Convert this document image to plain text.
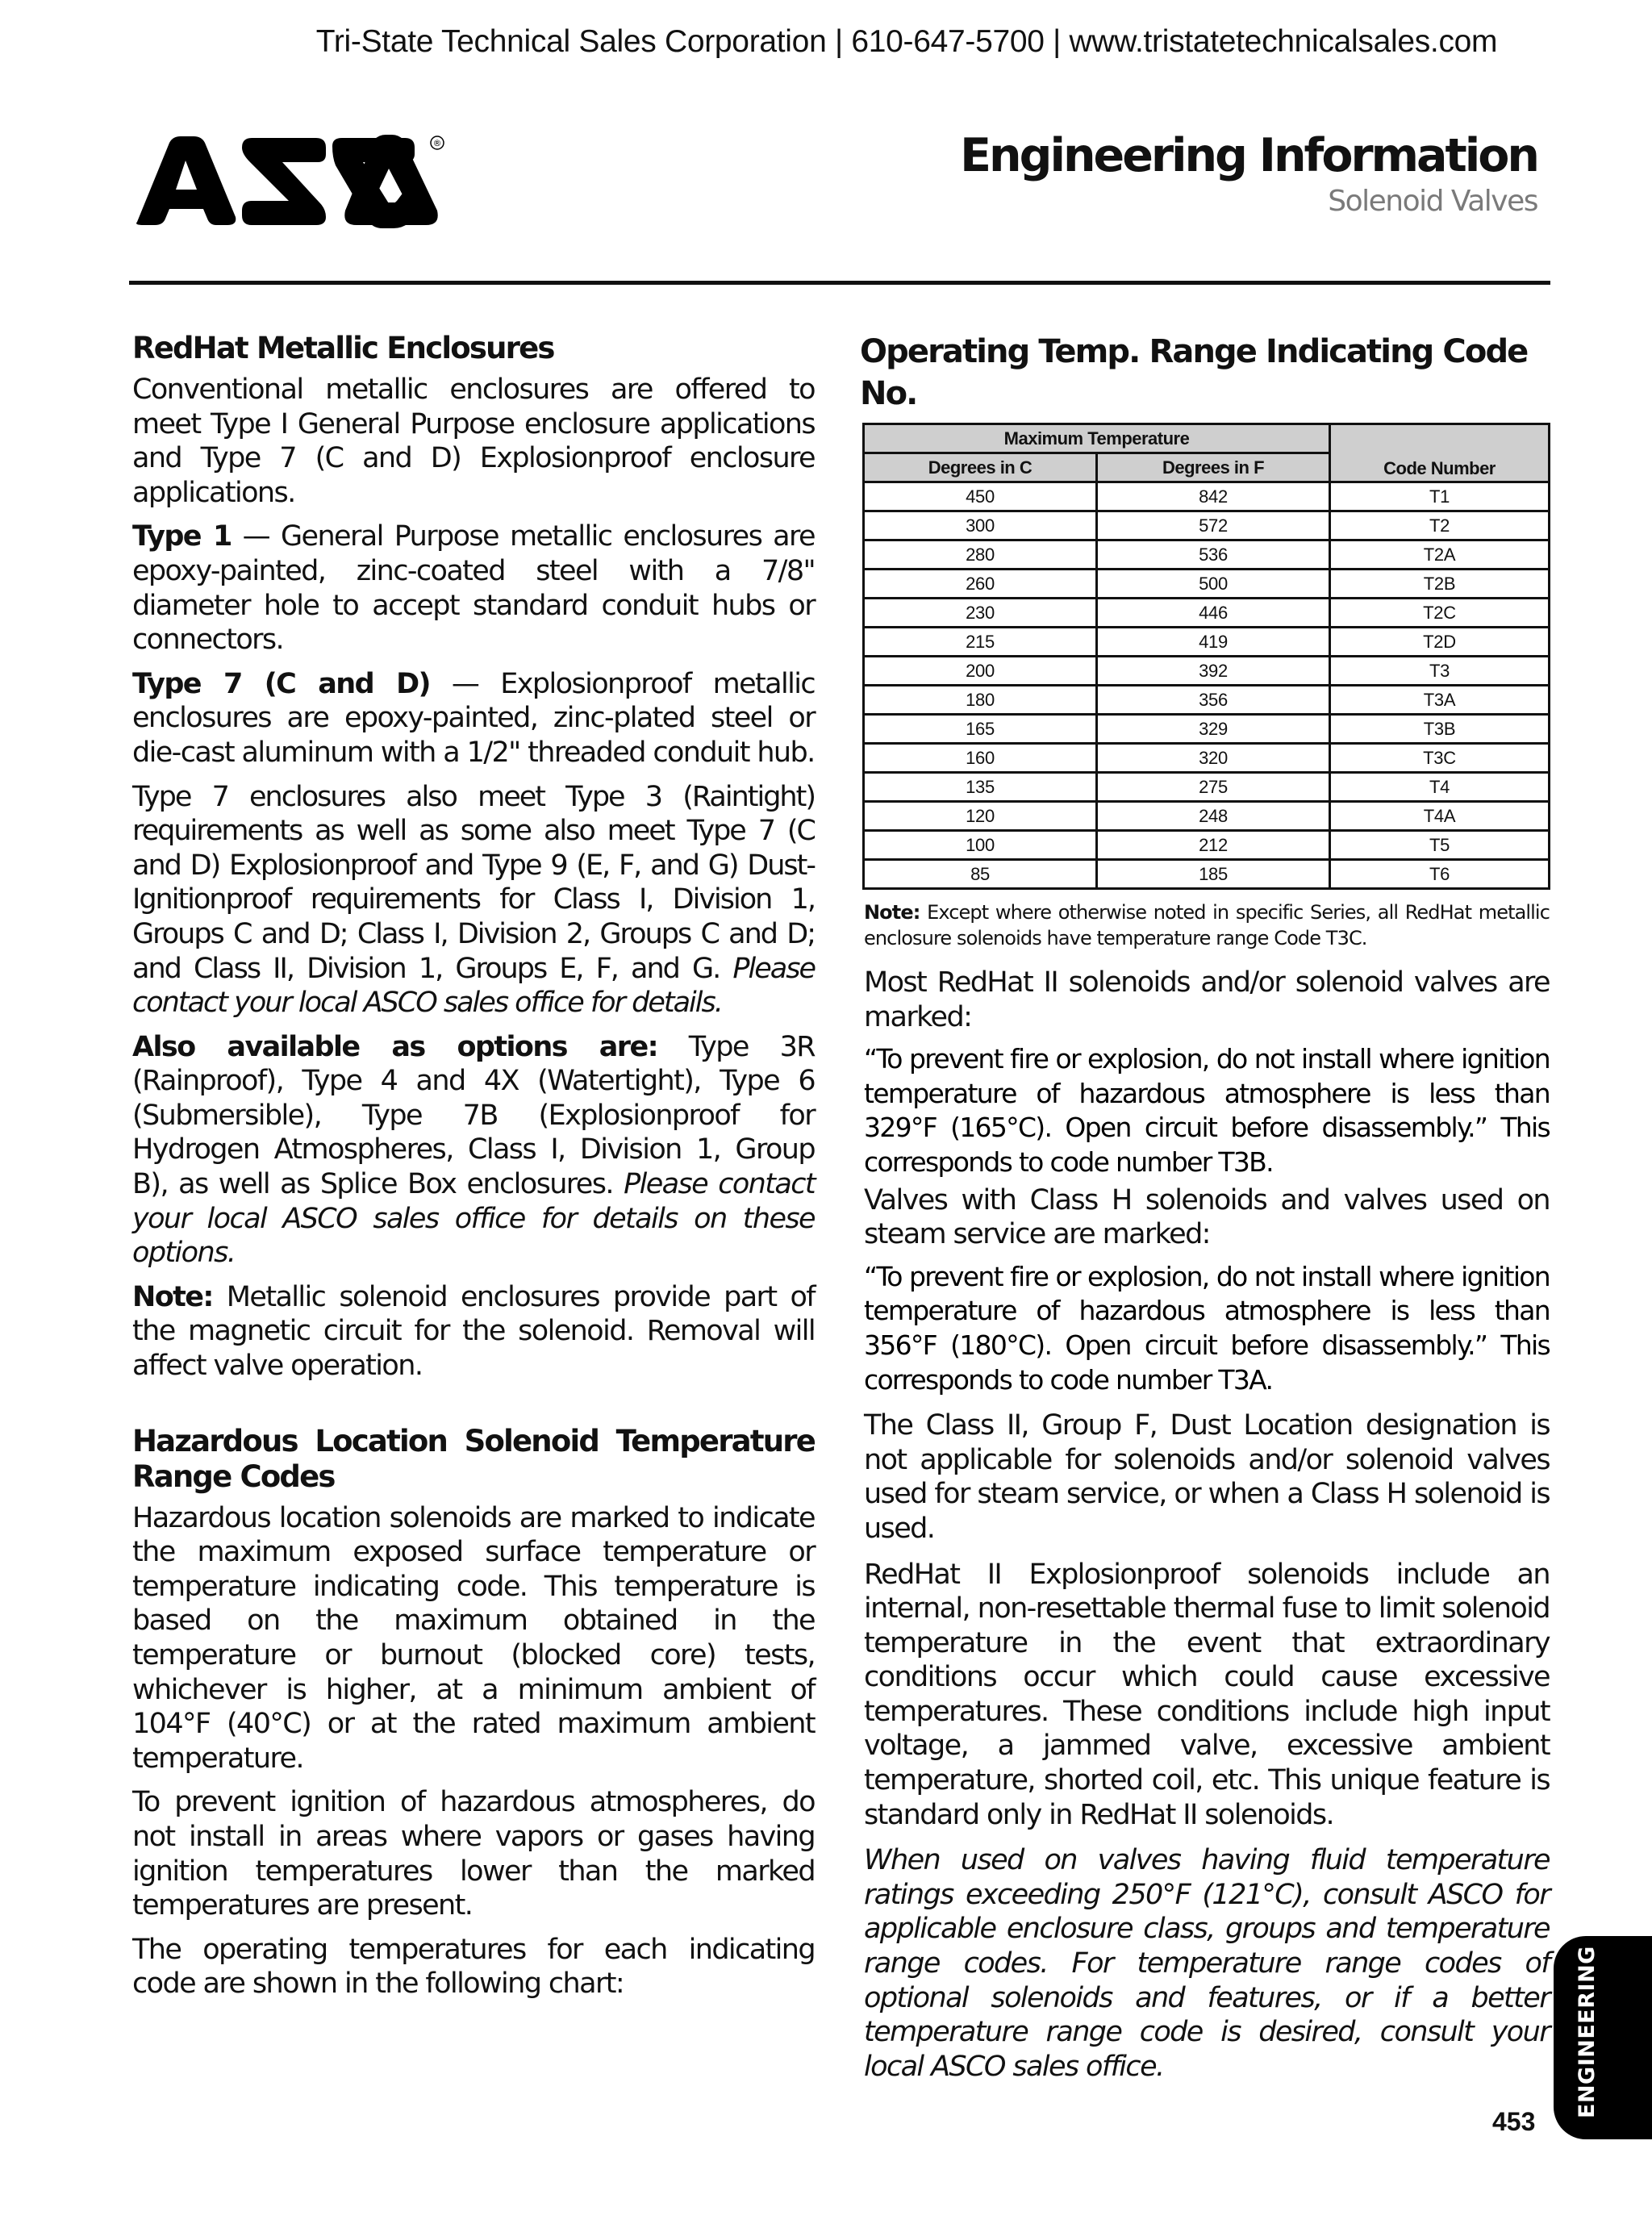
Tri-State Technical Sales Corporation | 610-647-5700 | www.tristatetechnicalsales.com
®	Engineering Information
Solenoid Valves
RedHat Metallic Enclosures

Conventional metallic enclosures are offered to meet Type I General Purpose enclosure applications and Type 7 (C and D) Explosionproof enclosure applications.

Type 1 — General Purpose metallic enclosures are epoxy-painted, zinc-coated steel with a 7/8" diameter hole to accept standard conduit hubs or connectors.

Type 7 (C and D) — Explosionproof metallic enclosures are epoxy-painted, zinc-plated steel or die-cast aluminum with a 1/2" threaded conduit hub.

Type 7 enclosures also meet Type 3 (Raintight) requirements as well as some also meet Type 7 (C and D) Explosionproof and Type 9 (E, F, and G) Dust-Ignitionproof requirements for Class I, Division 1, Groups C and D; Class I, Division 2, Groups C and D; and Class II, Division 1, Groups E, F, and G. Please contact your local ASCO sales office for details.

Also available as options are: Type 3R (Rainproof), Type 4 and 4X (Watertight), Type 6 (Submersible), Type 7B (Explosionproof for Hydrogen Atmospheres, Class I, Division 1, Group B), as well as Splice Box enclosures. Please contact your local ASCO sales office for details on these options.

Note: Metallic solenoid enclosures provide part of the magnetic circuit for the solenoid. Removal will affect valve operation.

Hazardous Location Solenoid Temperature Range Codes

Hazardous location solenoids are marked to indicate the maximum exposed surface temperature or temperature indicating code. This temperature is based on the maximum obtained in the temperature or burnout (blocked core) tests, whichever is higher, at a minimum ambient of 104°F (40°C) or at the rated maximum ambient temperature.

To prevent ignition of hazardous atmospheres, do not install in areas where vapors or gases having ignition temperatures lower than the marked temperatures are present.

The operating temperatures for each indicating code are shown in the following chart:

Operating Temp. Range Indicating Code No.
Maximum Temperature		Code Number
Degrees in C	Degrees in F	
450	842	T1
300	572	T2
280	536	T2A
260	500	T2B
230	446	T2C
215	419	T2D
200	392	T3
180	356	T3A
165	329	T3B
160	320	T3C
135	275	T4
120	248	T4A
100	212	T5
85	185	T6
Note: Except where otherwise noted in specific Series, all RedHat metallic enclosure solenoids have temperature range Code T3C.

Most RedHat II solenoids and/or solenoid valves are marked:

“To prevent fire or explosion, do not install where ignition temperature of hazardous atmosphere is less than 329°F (165°C). Open circuit before disassembly.” This corresponds to code number T3B.

Valves with Class H solenoids and valves used on steam service are marked:

“To prevent fire or explosion, do not install where ignition temperature of hazardous atmosphere is less than 356°F (180°C). Open circuit before disassembly.” This corresponds to code number T3A.

The Class II, Group F, Dust Location designation is not applicable for solenoids and/or solenoid valves used for steam service, or when a Class H solenoid is used.

RedHat II Explosionproof solenoids include an internal, non-resettable thermal fuse to limit solenoid temperature in the event that extraordinary conditions occur which could cause excessive temperatures. These conditions include high input voltage, a jammed valve, excessive ambient temperature, shorted coil, etc. This unique feature is standard only in RedHat II solenoids.

When used on valves having fluid temperature ratings exceeding 250°F (121°C), consult ASCO for applicable enclosure class, groups and temperature range codes. For temperature range codes of optional solenoids and features, or if a better temperature range code is desired, consult your local ASCO sales office.	ENGINEERING
453
